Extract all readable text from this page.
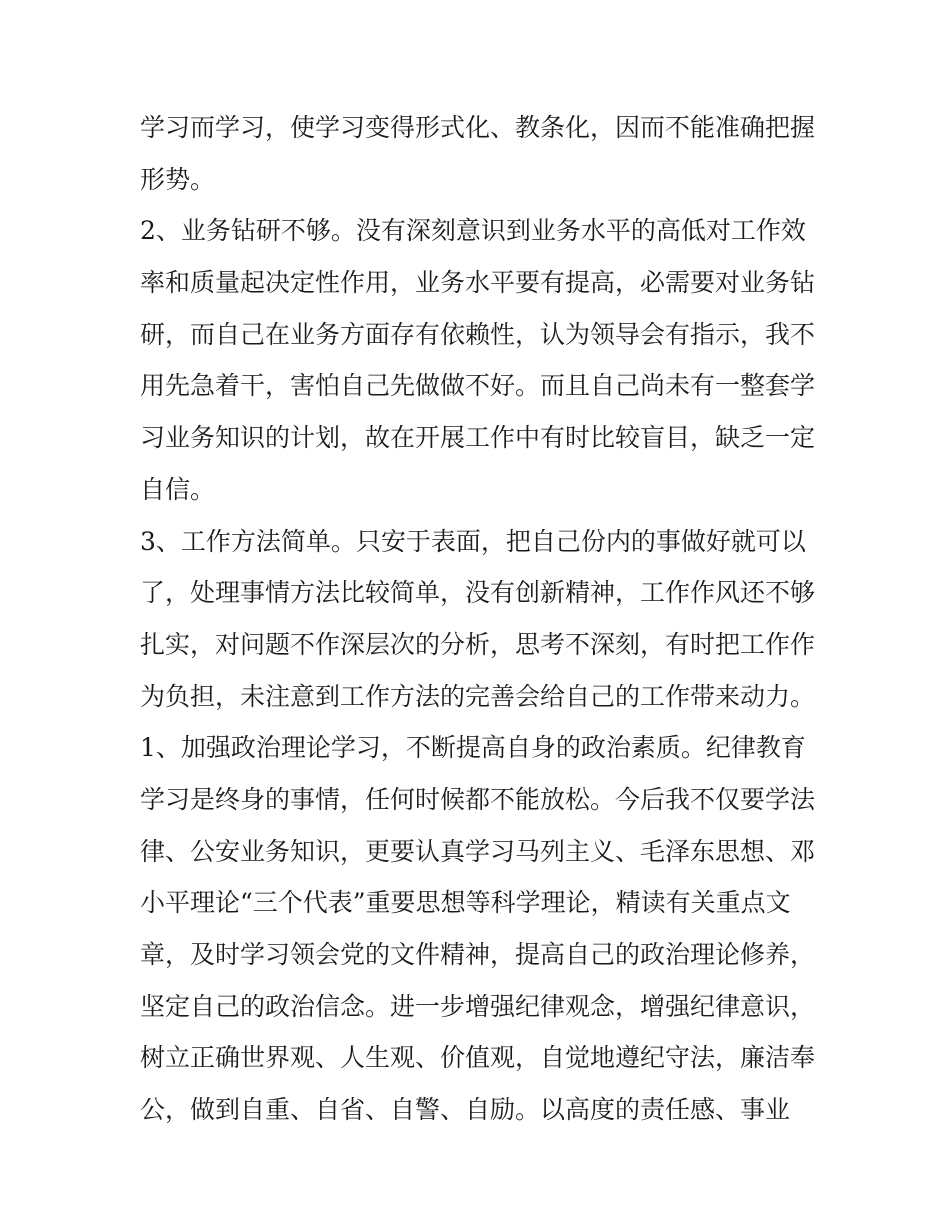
学习而学习，使学习变得形式化、教条化，因而不能准确把握
形势。
2、业务钻研不够。没有深刻意识到业务水平的高低对工作效
率和质量起决定性作用，业务水平要有提高，必需要对业务钻
研，而自己在业务方面存有依赖性，认为领导会有指示，我不
用先急着干，害怕自己先做做不好。而且自己尚未有一整套学
习业务知识的计划，故在开展工作中有时比较盲目，缺乏一定
自信。
3、工作方法简单。只安于表面，把自己份内的事做好就可以
了，处理事情方法比较简单，没有创新精神，工作作风还不够
扎实，对问题不作深层次的分析，思考不深刻，有时把工作作
为负担，未注意到工作方法的完善会给自己的工作带来动力。
1、加强政治理论学习，不断提高自身的政治素质。纪律教育
学习是终身的事情，任何时候都不能放松。今后我不仅要学法
律、公安业务知识，更要认真学习马列主义、毛泽东思想、邓
小平理论“三个代表”重要思想等科学理论，精读有关重点文
章，及时学习领会党的文件精神，提高自己的政治理论修养，
坚定自己的政治信念。进一步增强纪律观念，增强纪律意识，
树立正确世界观、人生观、价值观，自觉地遵纪守法，廉洁奉
公，做到自重、自省、自警、自励。以高度的责任感、事业
